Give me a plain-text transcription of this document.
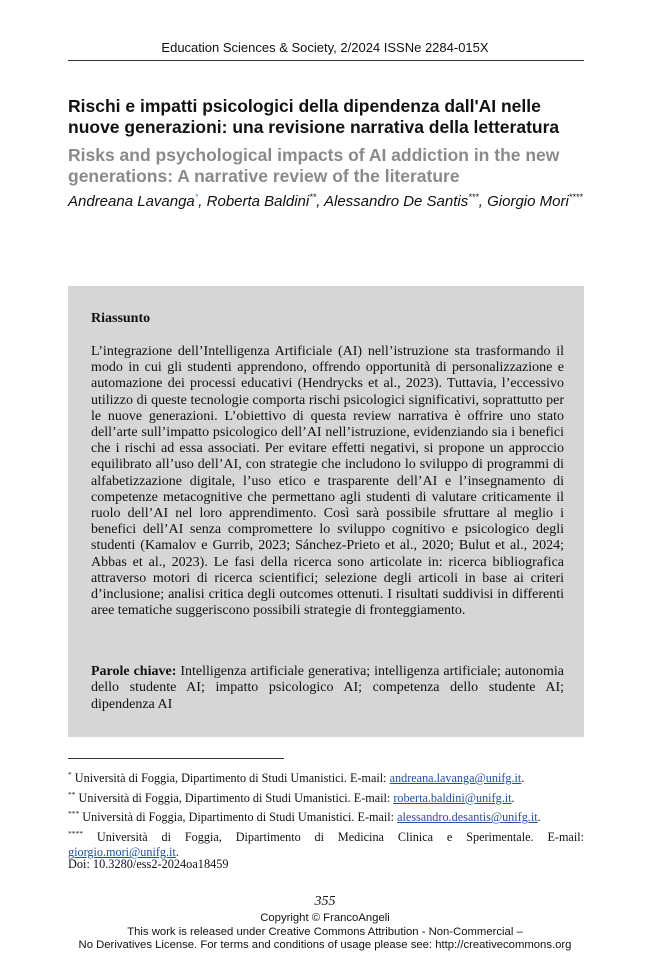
Education Sciences & Society, 2/2024 ISSNe 2284-015X
Rischi e impatti psicologici della dipendenza dall'AI nelle nuove generazioni: una revisione narrativa della letteratura
Risks and psychological impacts of AI addiction in the new generations: A narrative review of the literature
Andreana Lavanga*, Roberta Baldini**, Alessandro De Santis***, Giorgio Mori****
Riassunto
L’integrazione dell’Intelligenza Artificiale (AI) nell’istruzione sta trasformando il modo in cui gli studenti apprendono, offrendo opportunità di personalizzazione e automazione dei processi educativi (Hendrycks et al., 2023). Tuttavia, l’eccessivo utilizzo di queste tecnologie comporta rischi psicologici significativi, soprattutto per le nuove generazioni. L’obiettivo di questa review narrativa è offrire uno stato dell’arte sull’impatto psicologico dell’AI nell’istruzione, evidenziando sia i benefici che i rischi ad essa associati. Per evitare effetti negativi, si propone un approccio equilibrato all’uso dell’AI, con strategie che includono lo sviluppo di programmi di alfabetizzazione digitale, l’uso etico e trasparente dell’AI e l’insegnamento di competenze metacognitive che permettano agli studenti di valutare criticamente il ruolo dell’AI nel loro apprendimento. Così sarà possibile sfruttare al meglio i benefici dell’AI senza compromettere lo sviluppo cognitivo e psicologico degli studenti (Kamalov e Gurrib, 2023; Sánchez-Prieto et al., 2020; Bulut et al., 2024; Abbas et al., 2023). Le fasi della ricerca sono articolate in: ricerca bibliografica attraverso motori di ricerca scientifici; selezione degli articoli in base ai criteri d’inclusione; analisi critica degli outcomes ottenuti. I risultati suddivisi in differenti aree tematiche suggeriscono possibili strategie di fronteggiamento.
Parole chiave: Intelligenza artificiale generativa; intelligenza artificiale; autonomia dello studente AI; impatto psicologico AI; competenza dello studente AI; dipendenza AI
* Università di Foggia, Dipartimento di Studi Umanistici. E-mail: andreana.lavanga@unifg.it.
** Università di Foggia, Dipartimento di Studi Umanistici. E-mail: roberta.baldini@unifg.it.
*** Università di Foggia, Dipartimento di Studi Umanistici. E-mail: alessandro.desantis@unifg.it.
**** Università di Foggia, Dipartimento di Medicina Clinica e Sperimentale. E-mail: giorgio.mori@unifg.it.
Doi: 10.3280/ess2-2024oa18459
355
Copyright © FrancoAngeli
This work is released under Creative Commons Attribution - Non-Commercial –
No Derivatives License. For terms and conditions of usage please see: http://creativecommons.org
